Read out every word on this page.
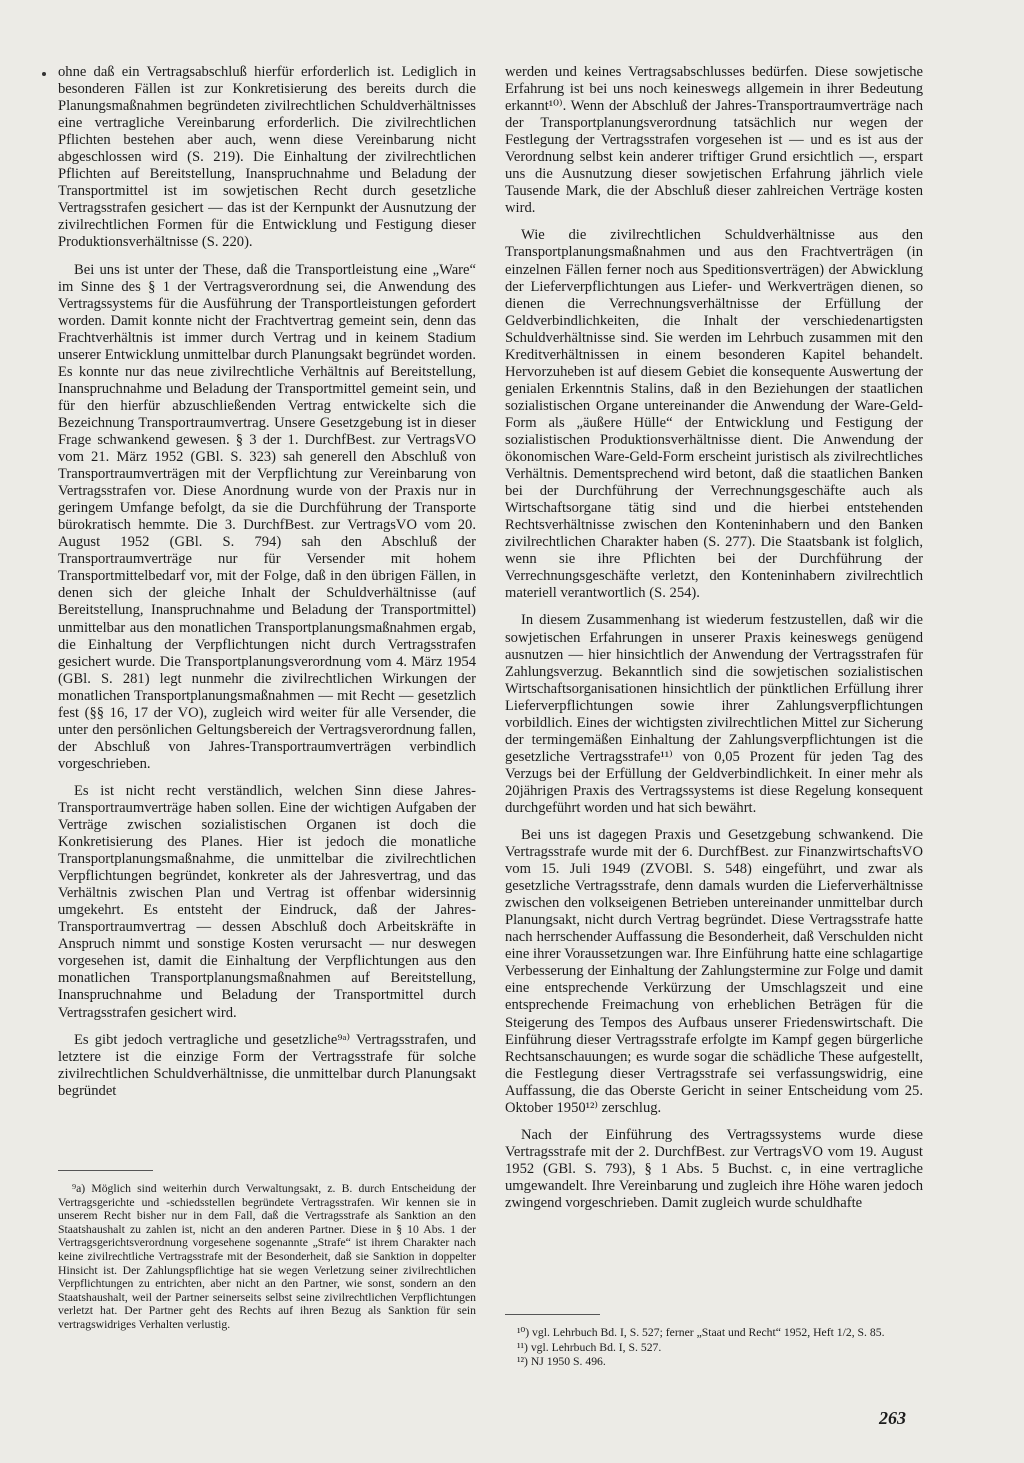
ohne daß ein Vertragsabschluß hierfür erforderlich ist. Lediglich in besonderen Fällen ist zur Konkretisierung des bereits durch die Planungsmaßnahmen begründeten zivilrechtlichen Schuldverhältnisses eine vertragliche Vereinbarung erforderlich. Die zivilrechtlichen Pflichten bestehen aber auch, wenn diese Vereinbarung nicht abgeschlossen wird (S. 219). Die Einhaltung der zivilrechtlichen Pflichten auf Bereitstellung, Inanspruchnahme und Beladung der Transportmittel ist im sowjetischen Recht durch gesetzliche Vertragsstrafen gesichert — das ist der Kernpunkt der Ausnutzung der zivilrechtlichen Formen für die Entwicklung und Festigung dieser Produktionsverhältnisse (S. 220).

Bei uns ist unter der These, daß die Transportleistung eine „Ware“ im Sinne des § 1 der Vertragsverordnung sei, die Anwendung des Vertragssystems für die Ausführung der Transportleistungen gefordert worden. Damit konnte nicht der Frachtvertrag gemeint sein, denn das Frachtverhältnis ist immer durch Vertrag und in keinem Stadium unserer Entwicklung unmittelbar durch Planungsakt begründet worden. Es konnte nur das neue zivilrechtliche Verhältnis auf Bereitstellung, Inanspruchnahme und Beladung der Transportmittel gemeint sein, und für den hierfür abzuschließenden Vertrag entwickelte sich die Bezeichnung Transportraumvertrag. Unsere Gesetzgebung ist in dieser Frage schwankend gewesen. § 3 der 1. DurchfBest. zur VertragsVO vom 21. März 1952 (GBl. S. 323) sah generell den Abschluß von Transportraumverträgen mit der Verpflichtung zur Vereinbarung von Vertragsstrafen vor. Diese Anordnung wurde von der Praxis nur in geringem Umfange befolgt, da sie die Durchführung der Transporte bürokratisch hemmte. Die 3. DurchfBest. zur VertragsVO vom 20. August 1952 (GBl. S. 794) sah den Abschluß der Transportraumverträge nur für Versender mit hohem Transportmittelbedarf vor, mit der Folge, daß in den übrigen Fällen, in denen sich der gleiche Inhalt der Schuldverhältnisse (auf Bereitstellung, Inanspruchnahme und Beladung der Transportmittel) unmittelbar aus den monatlichen Transportplanungsmaßnahmen ergab, die Einhaltung der Verpflichtungen nicht durch Vertragsstrafen gesichert wurde. Die Transportplanungsverordnung vom 4. März 1954 (GBl. S. 281) legt nunmehr die zivilrechtlichen Wirkungen der monatlichen Transportplanungsmaßnahmen — mit Recht — gesetzlich fest (§§ 16, 17 der VO), zugleich wird weiter für alle Versender, die unter den persönlichen Geltungsbereich der Vertragsverordnung fallen, der Abschluß von Jahres-Transportraumverträgen verbindlich vorgeschrieben.

Es ist nicht recht verständlich, welchen Sinn diese Jahres-Transportraumverträge haben sollen. Eine der wichtigen Aufgaben der Verträge zwischen sozialistischen Organen ist doch die Konkretisierung des Planes. Hier ist jedoch die monatliche Transportplanungsmaßnahme, die unmittelbar die zivilrechtlichen Verpflichtungen begründet, konkreter als der Jahresvertrag, und das Verhältnis zwischen Plan und Vertrag ist offenbar widersinnig umgekehrt. Es entsteht der Eindruck, daß der Jahres-Transportraumvertrag — dessen Abschluß doch Arbeitskräfte in Anspruch nimmt und sonstige Kosten verursacht — nur deswegen vorgesehen ist, damit die Einhaltung der Verpflichtungen aus den monatlichen Transportplanungsmaßnahmen auf Bereitstellung, Inanspruchnahme und Beladung der Transportmittel durch Vertragsstrafen gesichert wird.

Es gibt jedoch vertragliche und gesetzliche⁹ᵃ⁾ Vertragsstrafen, und letztere ist die einzige Form der Vertragsstrafe für solche zivilrechtlichen Schuldverhältnisse, die unmittelbar durch Planungsakt begründet

werden und keines Vertragsabschlusses bedürfen. Diese sowjetische Erfahrung ist bei uns noch keineswegs allgemein in ihrer Bedeutung erkannt¹⁰⁾. Wenn der Abschluß der Jahres-Transportraumverträge nach der Transportplanungsverordnung tatsächlich nur wegen der Festlegung der Vertragsstrafen vorgesehen ist — und es ist aus der Verordnung selbst kein anderer triftiger Grund ersichtlich —, erspart uns die Ausnutzung dieser sowjetischen Erfahrung jährlich viele Tausende Mark, die der Abschluß dieser zahlreichen Verträge kosten wird.

Wie die zivilrechtlichen Schuldverhältnisse aus den Transportplanungsmaßnahmen und aus den Frachtverträgen (in einzelnen Fällen ferner noch aus Speditionsverträgen) der Abwicklung der Lieferverpflichtungen aus Liefer- und Werkverträgen dienen, so dienen die Verrechnungsverhältnisse der Erfüllung der Geldverbindlichkeiten, die Inhalt der verschiedenartigsten Schuldverhältnisse sind. Sie werden im Lehrbuch zusammen mit den Kreditverhältnissen in einem besonderen Kapitel behandelt. Hervorzuheben ist auf diesem Gebiet die konsequente Auswertung der genialen Erkenntnis Stalins, daß in den Beziehungen der staatlichen sozialistischen Organe untereinander die Anwendung der Ware-Geld-Form als „äußere Hülle“ der Entwicklung und Festigung der sozialistischen Produktionsverhältnisse dient. Die Anwendung der ökonomischen Ware-Geld-Form erscheint juristisch als zivilrechtliches Verhältnis. Dementsprechend wird betont, daß die staatlichen Banken bei der Durchführung der Verrechnungsgeschäfte auch als Wirtschaftsorgane tätig sind und die hierbei entstehenden Rechtsverhältnisse zwischen den Konteninhabern und den Banken zivilrechtlichen Charakter haben (S. 277). Die Staatsbank ist folglich, wenn sie ihre Pflichten bei der Durchführung der Verrechnungsgeschäfte verletzt, den Konteninhabern zivilrechtlich materiell verantwortlich (S. 254).

In diesem Zusammenhang ist wiederum festzustellen, daß wir die sowjetischen Erfahrungen in unserer Praxis keineswegs genügend ausnutzen — hier hinsichtlich der Anwendung der Vertragsstrafen für Zahlungsverzug. Bekanntlich sind die sowjetischen sozialistischen Wirtschaftsorganisationen hinsichtlich der pünktlichen Erfüllung ihrer Lieferverpflichtungen sowie ihrer Zahlungsverpflichtungen vorbildlich. Eines der wichtigsten zivilrechtlichen Mittel zur Sicherung der termingemäßen Einhaltung der Zahlungsverpflichtungen ist die gesetzliche Vertragsstrafe¹¹⁾ von 0,05 Prozent für jeden Tag des Verzugs bei der Erfüllung der Geldverbindlichkeit. In einer mehr als 20jährigen Praxis des Vertragssystems ist diese Regelung konsequent durchgeführt worden und hat sich bewährt.

Bei uns ist dagegen Praxis und Gesetzgebung schwankend. Die Vertragsstrafe wurde mit der 6. DurchfBest. zur FinanzwirtschaftsVO vom 15. Juli 1949 (ZVOBl. S. 548) eingeführt, und zwar als gesetzliche Vertragsstrafe, denn damals wurden die Lieferverhältnisse zwischen den volkseigenen Betrieben untereinander unmittelbar durch Planungsakt, nicht durch Vertrag begründet. Diese Vertragsstrafe hatte nach herrschender Auffassung die Besonderheit, daß Verschulden nicht eine ihrer Voraussetzungen war. Ihre Einführung hatte eine schlagartige Verbesserung der Einhaltung der Zahlungstermine zur Folge und damit eine entsprechende Verkürzung der Umschlagszeit und eine entsprechende Freimachung von erheblichen Beträgen für die Steigerung des Tempos des Aufbaus unserer Friedenswirtschaft. Die Einführung dieser Vertragsstrafe erfolgte im Kampf gegen bürgerliche Rechtsanschauungen; es wurde sogar die schädliche These aufgestellt, die Festlegung dieser Vertragsstrafe sei verfassungswidrig, eine Auffassung, die das Oberste Gericht in seiner Entscheidung vom 25. Oktober 1950¹²⁾ zerschlug.

Nach der Einführung des Vertragssystems wurde diese Vertragsstrafe mit der 2. DurchfBest. zur VertragsVO vom 19. August 1952 (GBl. S. 793), § 1 Abs. 5 Buchst. c, in eine vertragliche umgewandelt. Ihre Vereinbarung und zugleich ihre Höhe waren jedoch zwingend vorgeschrieben. Damit zugleich wurde schuldhafte

⁹a) Möglich sind weiterhin durch Verwaltungsakt, z. B. durch Entscheidung der Vertragsgerichte und -schiedsstellen begründete Vertragsstrafen. Wir kennen sie in unserem Recht bisher nur in dem Fall, daß die Vertragsstrafe als Sanktion an den Staatshaushalt zu zahlen ist, nicht an den anderen Partner. Diese in § 10 Abs. 1 der Vertragsgerichtsverordnung vorgesehene sogenannte „Strafe“ ist ihrem Charakter nach keine zivilrechtliche Vertragsstrafe mit der Besonderheit, daß sie Sanktion in doppelter Hinsicht ist. Der Zahlungspflichtige hat sie wegen Verletzung seiner zivilrechtlichen Verpflichtungen zu entrichten, aber nicht an den Partner, wie sonst, sondern an den Staatshaushalt, weil der Partner seinerseits selbst seine zivilrechtlichen Verpflichtungen verletzt hat. Der Partner geht des Rechts auf ihren Bezug als Sanktion für sein vertragswidriges Verhalten verlustig.

¹⁰) vgl. Lehrbuch Bd. I, S. 527; ferner „Staat und Recht“ 1952, Heft 1/2, S. 85.

¹¹) vgl. Lehrbuch Bd. I, S. 527.

¹²) NJ 1950 S. 496.

263
